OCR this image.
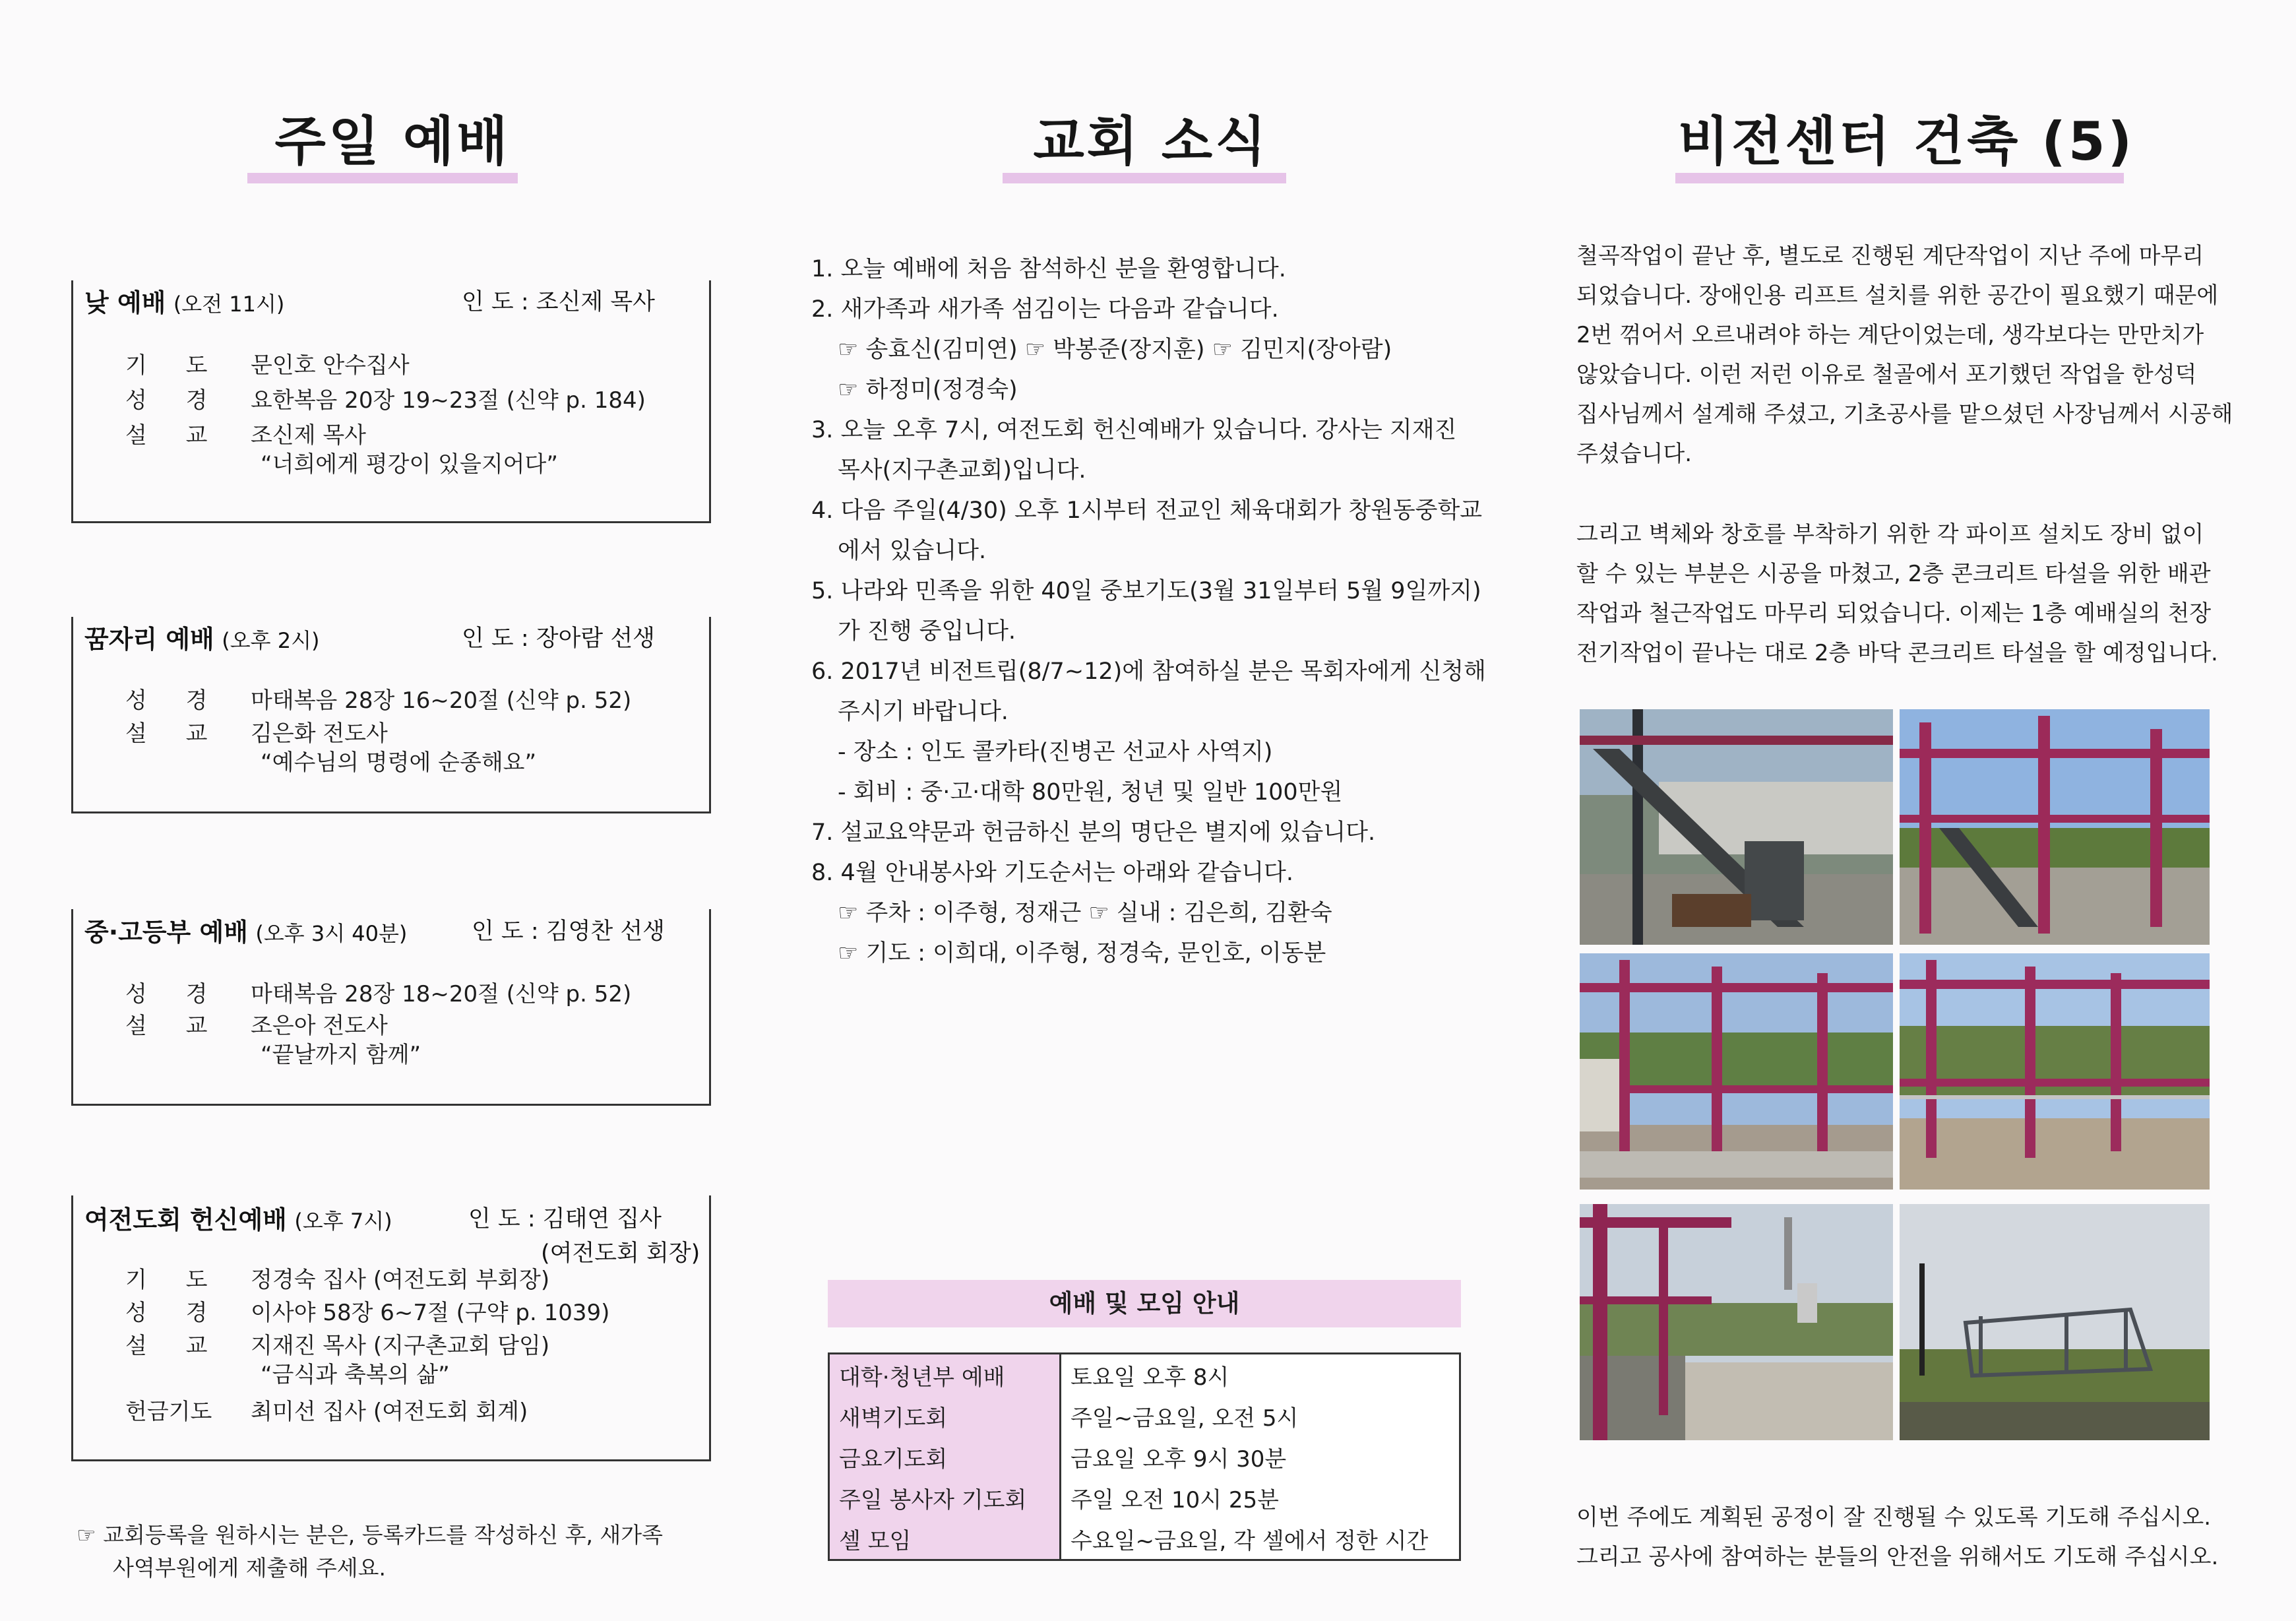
주일 예배
낮 예배 (오전 11시)	인 도 : 조신제 목사
기 도 문인호 안수집사
성 경 요한복음 20장 19~23절 (신약 p. 184)
설 교 조신제 목사
“너희에게 평강이 있을지어다”
꿈자리 예배 (오후 2시)	인 도 : 장아람 선생
성 경 마태복음 28장 16~20절 (신약 p. 52)
설 교 김은화 전도사
“예수님의 명령에 순종해요”
중·고등부 예배 (오후 3시 40분)	인 도 : 김영찬 선생
성 경 마태복음 28장 18~20절 (신약 p. 52)
설 교 조은아 전도사
“끝날까지 함께”
여전도회 헌신예배 (오후 7시)	인 도 : 김태연 집사
(여전도회 회장)
기 도 정경숙 집사 (여전도회 부회장)
성 경 이사야 58장 6~7절 (구약 p. 1039)
설 교 지재진 목사 (지구촌교회 담임)
“금식과 축복의 삶”
헌금기도 최미선 집사 (여전도회 회계)
☞ 교회등록을 원하시는 분은, 등록카드를 작성하신 후, 새가족
사역부원에게 제출해 주세요.
교회 소식
1. 오늘 예배에 처음 참석하신 분을 환영합니다.
2. 새가족과 새가족 섬김이는 다음과 같습니다.
☞ 송효신(김미연) ☞ 박봉준(장지훈) ☞ 김민지(장아람)
☞ 하정미(정경숙)
3. 오늘 오후 7시, 여전도회 헌신예배가 있습니다. 강사는 지재진
목사(지구촌교회)입니다.
4. 다음 주일(4/30) 오후 1시부터 전교인 체육대회가 창원동중학교
에서 있습니다.
5. 나라와 민족을 위한 40일 중보기도(3월 31일부터 5월 9일까지)
가 진행 중입니다.
6. 2017년 비전트립(8/7~12)에 참여하실 분은 목회자에게 신청해
주시기 바랍니다.
- 장소 : 인도 콜카타(진병곤 선교사 사역지)
- 회비 : 중·고·대학 80만원, 청년 및 일반 100만원
7. 설교요약문과 헌금하신 분의 명단은 별지에 있습니다.
8. 4월 안내봉사와 기도순서는 아래와 같습니다.
☞ 주차 : 이주형, 정재근 ☞ 실내 : 김은희, 김환숙
☞ 기도 : 이희대, 이주형, 정경숙, 문인호, 이동분
예배 및 모임 안내
대학·청년부 예배	토요일 오후 8시
새벽기도회	주일~금요일, 오전 5시
금요기도회	금요일 오후 9시 30분
주일 봉사자 기도회	주일 오전 10시 25분
셀 모임	수요일~금요일, 각 셀에서 정한 시간
비전센터 건축 (5)
철곡작업이 끝난 후, 별도로 진행된 계단작업이 지난 주에 마무리
되었습니다. 장애인용 리프트 설치를 위한 공간이 필요했기 때문에
2번 꺾어서 오르내려야 하는 계단이었는데, 생각보다는 만만치가
않았습니다. 이런 저런 이유로 철골에서 포기했던 작업을 한성덕
집사님께서 설계해 주셨고, 기초공사를 맡으셨던 사장님께서 시공해
주셨습니다.
그리고 벽체와 창호를 부착하기 위한 각 파이프 설치도 장비 없이
할 수 있는 부분은 시공을 마쳤고, 2층 콘크리트 타설을 위한 배관
작업과 철근작업도 마무리 되었습니다. 이제는 1층 예배실의 천장
전기작업이 끝나는 대로 2층 바닥 콘크리트 타설을 할 예정입니다.
이번 주에도 계획된 공정이 잘 진행될 수 있도록 기도해 주십시오.
그리고 공사에 참여하는 분들의 안전을 위해서도 기도해 주십시오.
